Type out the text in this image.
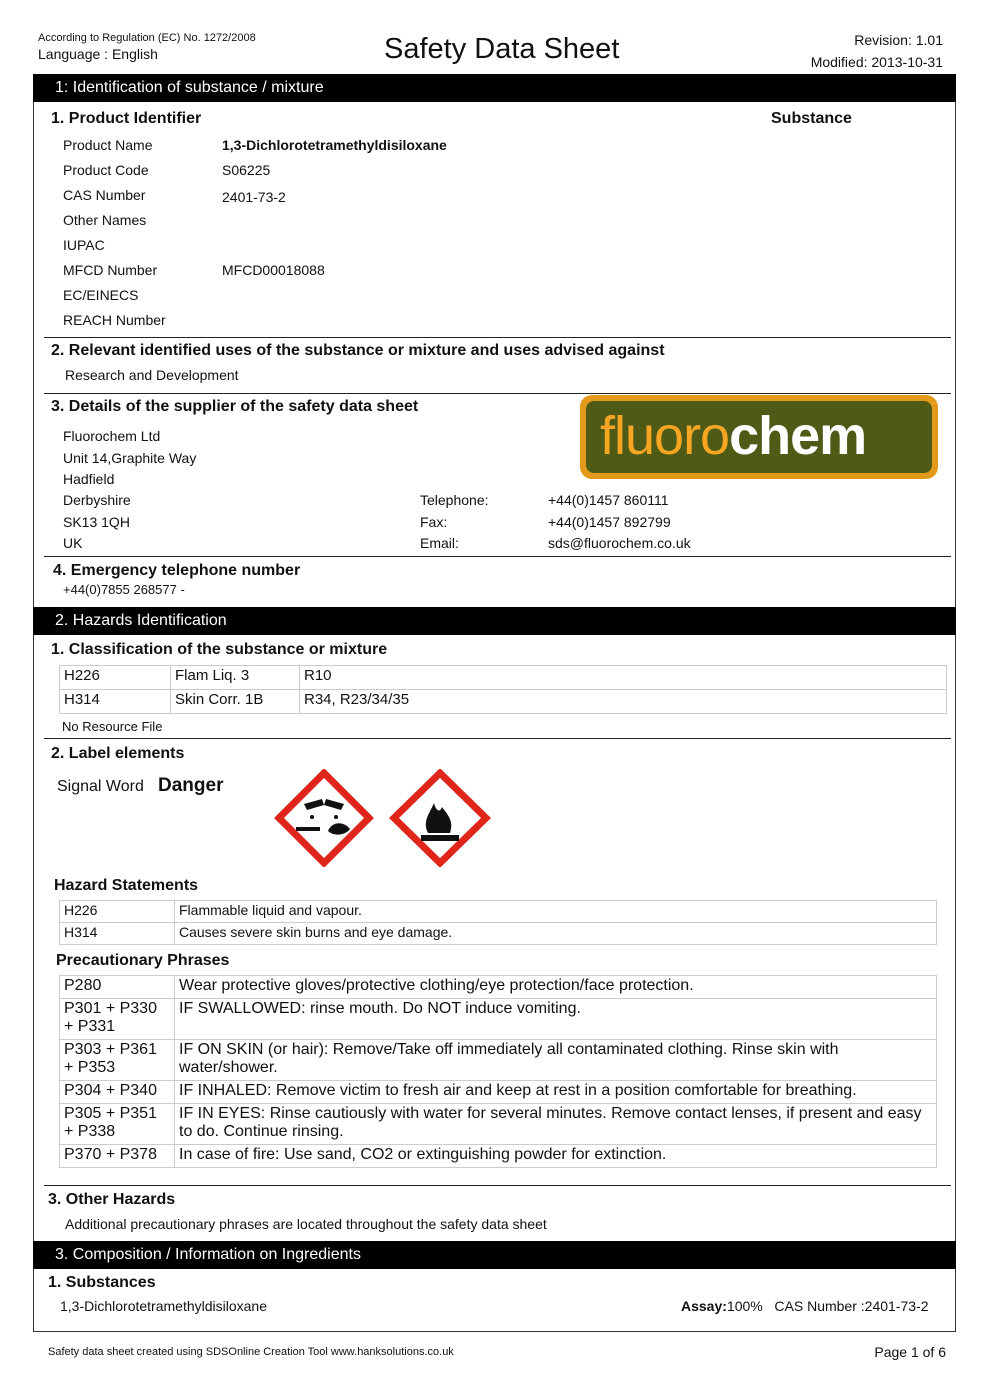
According to Regulation (EC) No. 1272/2008
Language : English	Safety Data Sheet	Revision: 1.01
Modified: 2013-10-31
1: Identification of substance / mixture
1. Product Identifier	Substance
Product Name	1,3-Dichlorotetramethyldisiloxane
Product Code	S06225
CAS Number	2401-73-2
Other Names
IUPAC
MFCD Number	MFCD00018088
EC/EINECS
REACH Number
2. Relevant identified uses of the substance or mixture and uses advised against
Research and Development
3. Details of the supplier of the safety data sheet	fluorochem
Fluorochem Ltd
Unit 14,Graphite Way
Hadfield
Derbyshire
SK13 1QH
UK
Telephone:	+44(0)1457 860111
Fax:	+44(0)1457 892799
Email:	sds@fluorochem.co.uk
4. Emergency telephone number
+44(0)7855 268577 -
2. Hazards Identification
1. Classification of the substance or mixture
H226	Flam Liq. 3	R10
H314	Skin Corr. 1B	R34, R23/34/35
No Resource File
2. Label elements
Signal Word Danger
Hazard Statements
H226	Flammable liquid and vapour.
H314	Causes severe skin burns and eye damage.
Precautionary Phrases
P280	Wear protective gloves/protective clothing/eye protection/face protection.
P301 + P330 + P331	IF SWALLOWED: rinse mouth. Do NOT induce vomiting.
P303 + P361 + P353	IF ON SKIN (or hair): Remove/Take off immediately all contaminated clothing. Rinse skin with water/shower.
P304 + P340	IF INHALED: Remove victim to fresh air and keep at rest in a position comfortable for breathing.
P305 + P351 + P338	IF IN EYES: Rinse cautiously with water for several minutes. Remove contact lenses, if present and easy to do. Continue rinsing.
P370 + P378	In case of fire: Use sand, CO2 or extinguishing powder for extinction.
3. Other Hazards
Additional precautionary phrases are located throughout the safety data sheet
3. Composition / Information on Ingredients
1. Substances
1,3-Dichlorotetramethyldisiloxane	Assay:100% CAS Number :2401-73-2
Safety data sheet created using SDSOnline Creation Tool www.hanksolutions.co.uk	Page 1 of 6
